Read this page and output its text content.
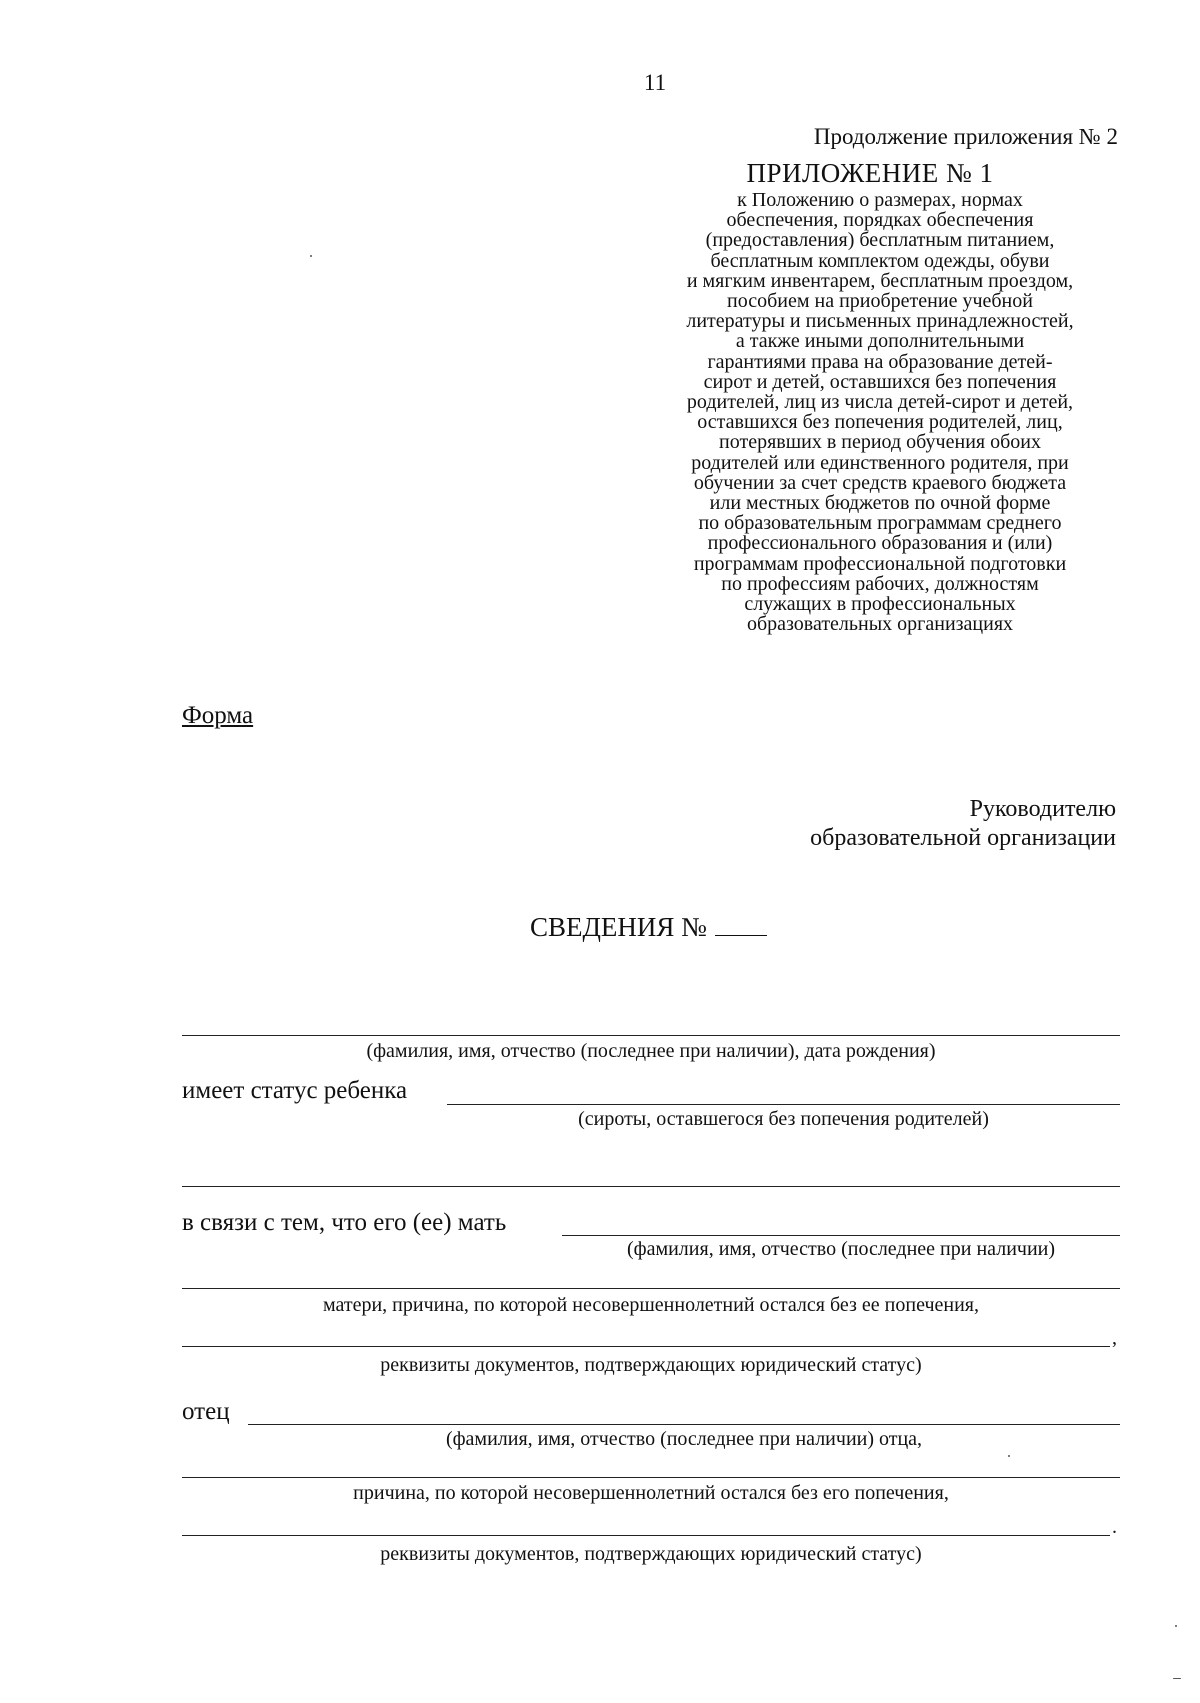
11
Продолжение приложения № 2
ПРИЛОЖЕНИЕ № 1
к Положению о размерах, нормах
обеспечения, порядках обеспечения
(предоставления) бесплатным питанием,
бесплатным комплектом одежды, обуви
и мягким инвентарем, бесплатным проездом,
пособием на приобретение учебной
литературы и письменных принадлежностей,
а также иными дополнительными
гарантиями права на образование детей-
сирот и детей, оставшихся без попечения
родителей, лиц из числа детей-сирот и детей,
оставшихся без попечения родителей, лиц,
потерявших в период обучения обоих
родителей или единственного родителя, при
обучении за счет средств краевого бюджета
или местных бюджетов по очной форме
по образовательным программам среднего
профессионального образования и (или)
программам профессиональной подготовки
по профессиям рабочих, должностям
служащих в профессиональных
образовательных организациях
Форма
Руководителю
образовательной организации
СВЕДЕНИЯ №
(фамилия, имя, отчество (последнее при наличии), дата рождения)
имеет статус ребенка
(сироты, оставшегося без попечения родителей)
в связи с тем, что его (ее) мать
(фамилия, имя, отчество (последнее при наличии)
матери, причина, по которой несовершеннолетний остался без ее попечения,
,
реквизиты документов, подтверждающих юридический статус)
отец
(фамилия, имя, отчество (последнее при наличии) отца,
причина, по которой несовершеннолетний остался без его попечения,
.
реквизиты документов, подтверждающих юридический статус)
